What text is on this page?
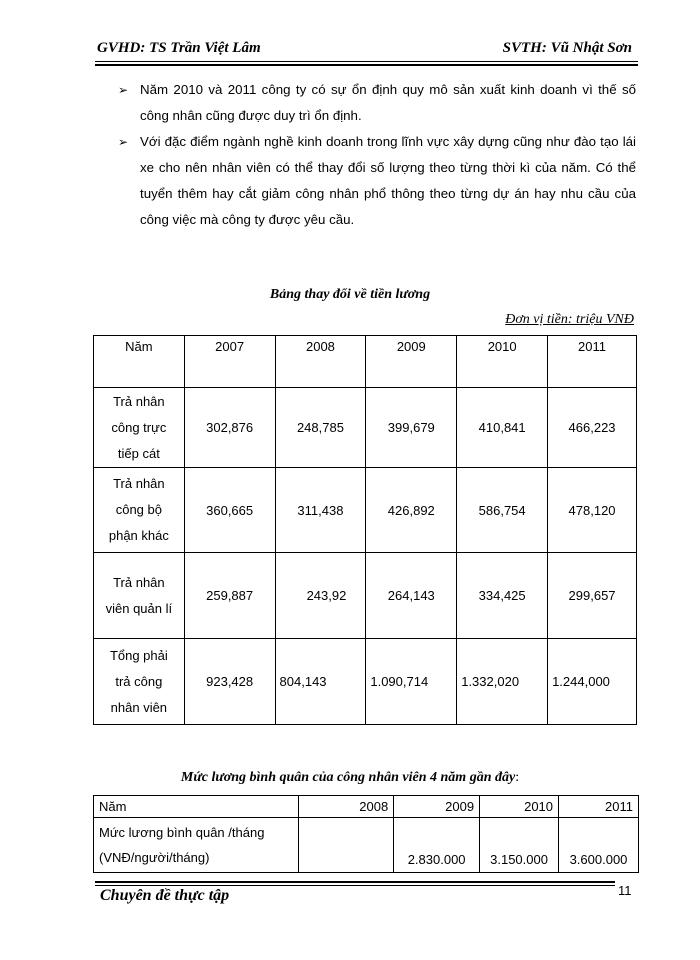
GVHD: TS Trần Việt Lâm	SVTH: Vũ Nhật Sơn
➢ Năm 2010 và 2011 công ty có sự ổn định quy mô sản xuất kinh doanh vì thế số công nhân cũng được duy trì ổn định.
➢ Với đặc điểm ngành nghề kinh doanh trong lĩnh vực xây dựng cũng như đào tạo lái xe cho nên nhân viên có thể thay đổi số lượng theo từng thời kì của năm. Có thể tuyển thêm hay cắt giảm công nhân phổ thông theo từng dự án hay nhu cầu của công việc mà công ty được yêu cầu.
Bảng thay đổi về tiền lương
Đơn vị tiền: triệu VNĐ
Năm	2007	2008	2009	2010	2011

Trả nhân
công trực
tiếp cát	302,876	248,785	399,679	410,841	466,223

Trả nhân
công bộ
phận khác	360,665	311,438	426,892	586,754	478,120

Trả nhân
viên quản lí	259,887	243,92	264,143	334,425	299,657

Tổng phải
trả công
nhân viên	923,428	804,143	1.090,714	1.332,020	1.244,000
Mức lương bình quân của công nhân viên 4 năm gần đây:
Năm	2008	2009	2010	2011

Mức lương bình quân /tháng
(VNĐ/người/tháng)		2.830.000	3.150.000	3.600.000
Chuyên đề thực tập	11
